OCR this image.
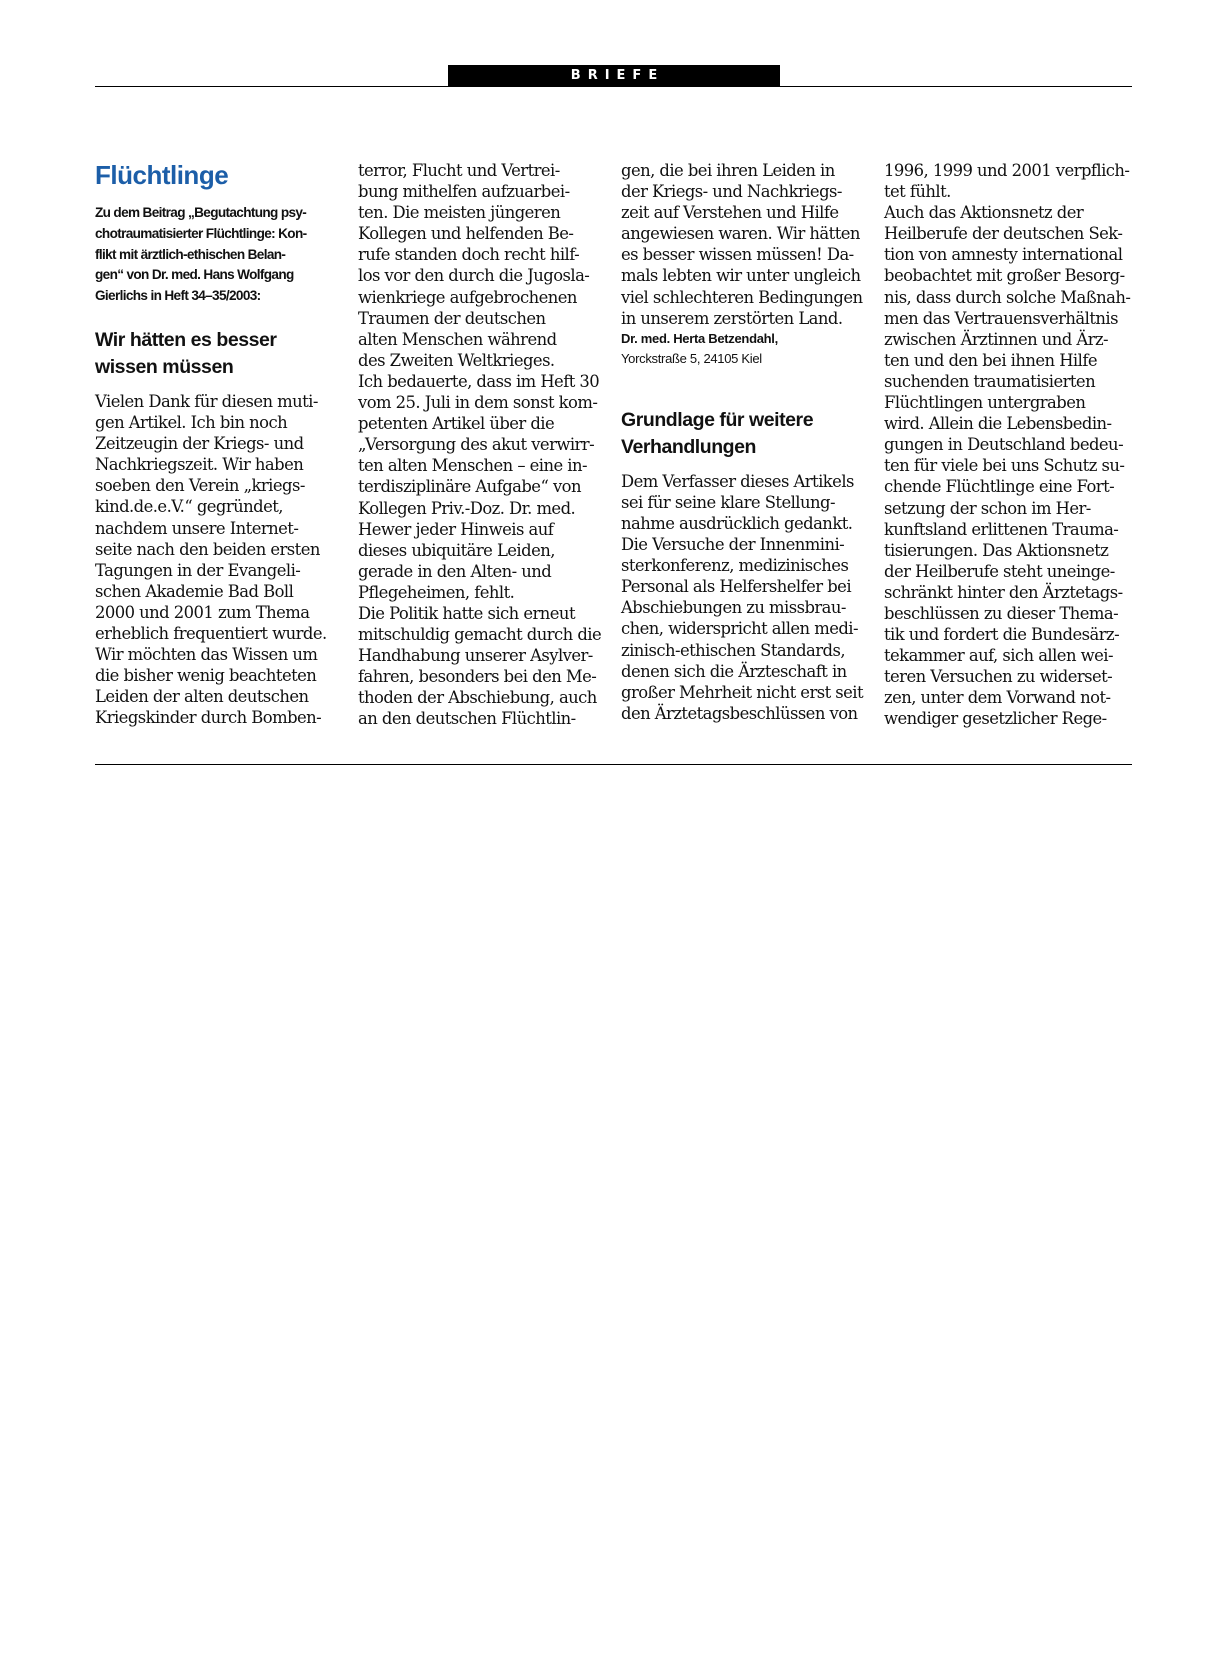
BRIEFE
Flüchtlinge
Zu dem Beitrag „Begutachtung psy-
chotraumatisierter Flüchtlinge: Kon-
flikt mit ärztlich-ethischen Belan-
gen“ von Dr. med. Hans Wolfgang
Gierlichs in Heft 34–35/2003:
Wir hätten es besser
wissen müssen
Vielen Dank für diesen muti-
gen Artikel. Ich bin noch
Zeitzeugin der Kriegs- und
Nachkriegszeit. Wir haben
soeben den Verein „kriegs-
kind.de.e.V.“ gegründet,
nachdem unsere Internet-
seite nach den beiden ersten
Tagungen in der Evangeli-
schen Akademie Bad Boll
2000 und 2001 zum Thema
erheblich frequentiert wurde.
Wir möchten das Wissen um
die bisher wenig beachteten
Leiden der alten deutschen
Kriegskinder durch Bomben-
terror, Flucht und Vertrei-
bung mithelfen aufzuarbei-
ten. Die meisten jüngeren
Kollegen und helfenden Be-
rufe standen doch recht hilf-
los vor den durch die Jugosla-
wienkriege aufgebrochenen
Traumen der deutschen
alten Menschen während
des Zweiten Weltkrieges.
Ich bedauerte, dass im Heft 30
vom 25. Juli in dem sonst kom-
petenten Artikel über die
„Versorgung des akut verwirr-
ten alten Menschen – eine in-
terdisziplinäre Aufgabe“ von
Kollegen Priv.-Doz. Dr. med.
Hewer jeder Hinweis auf
dieses ubiquitäre Leiden,
gerade in den Alten- und
Pflegeheimen, fehlt.
Die Politik hatte sich erneut
mitschuldig gemacht durch die
Handhabung unserer Asylver-
fahren, besonders bei den Me-
thoden der Abschiebung, auch
an den deutschen Flüchtlin-
gen, die bei ihren Leiden in
der Kriegs- und Nachkriegs-
zeit auf Verstehen und Hilfe
angewiesen waren. Wir hätten
es besser wissen müssen! Da-
mals lebten wir unter ungleich
viel schlechteren Bedingungen
in unserem zerstörten Land.
Dr. med. Herta Betzendahl,
Yorckstraße 5, 24105 Kiel
Grundlage für weitere
Verhandlungen
Dem Verfasser dieses Artikels
sei für seine klare Stellung-
nahme ausdrücklich gedankt.
Die Versuche der Innenmini-
sterkonferenz, medizinisches
Personal als Helfershelfer bei
Abschiebungen zu missbrau-
chen, widerspricht allen medi-
zinisch-ethischen Standards,
denen sich die Ärzteschaft in
großer Mehrheit nicht erst seit
den Ärztetagsbeschlüssen von
1996, 1999 und 2001 verpflich-
tet fühlt.
Auch das Aktionsnetz der
Heilberufe der deutschen Sek-
tion von amnesty international
beobachtet mit großer Besorg-
nis, dass durch solche Maßnah-
men das Vertrauensverhältnis
zwischen Ärztinnen und Ärz-
ten und den bei ihnen Hilfe
suchenden traumatisierten
Flüchtlingen untergraben
wird. Allein die Lebensbedin-
gungen in Deutschland bedeu-
ten für viele bei uns Schutz su-
chende Flüchtlinge eine Fort-
setzung der schon im Her-
kunftsland erlittenen Trauma-
tisierungen. Das Aktionsnetz
der Heilberufe steht uneinge-
schränkt hinter den Ärztetags-
beschlüssen zu dieser Thema-
tik und fordert die Bundesärz-
tekammer auf, sich allen wei-
teren Versuchen zu widerset-
zen, unter dem Vorwand not-
wendiger gesetzlicher Rege-
